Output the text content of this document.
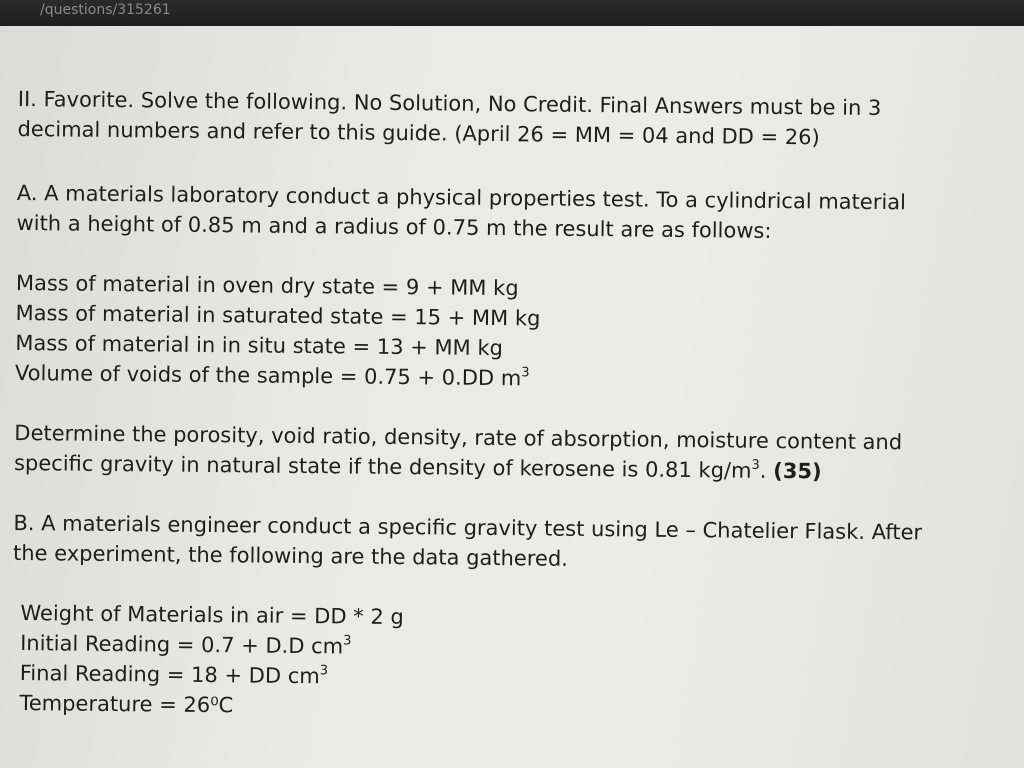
/questions/315261

II. Favorite. Solve the following. No Solution, No Credit. Final Answers must be in 3

decimal numbers and refer to this guide. (April 26 = MM = 04 and DD = 26)

A. A materials laboratory conduct a physical properties test. To a cylindrical material

with a height of 0.85 m and a radius of 0.75 m the result are as follows:

Mass of material in oven dry state = 9 + MM kg

Mass of material in saturated state = 15 + MM kg

Mass of material in in situ state = 13 + MM kg

Volume of voids of the sample = 0.75 + 0.DD $m^3$

Determine the porosity, void ratio, density, rate of absorption, moisture content and

specific gravity in natural state if the density of kerosene is 0.81 $kg/m^3$. (35)

B. A materials engineer conduct a specific gravity test using Le – Chatelier Flask. After

the experiment, the following are the data gathered.

Weight of Materials in air = DD * 2 g

Initial Reading = 0.7 + D.D $cm^3$

Final Reading = 18 + DD $cm^3$

Temperature = 26⁰C
